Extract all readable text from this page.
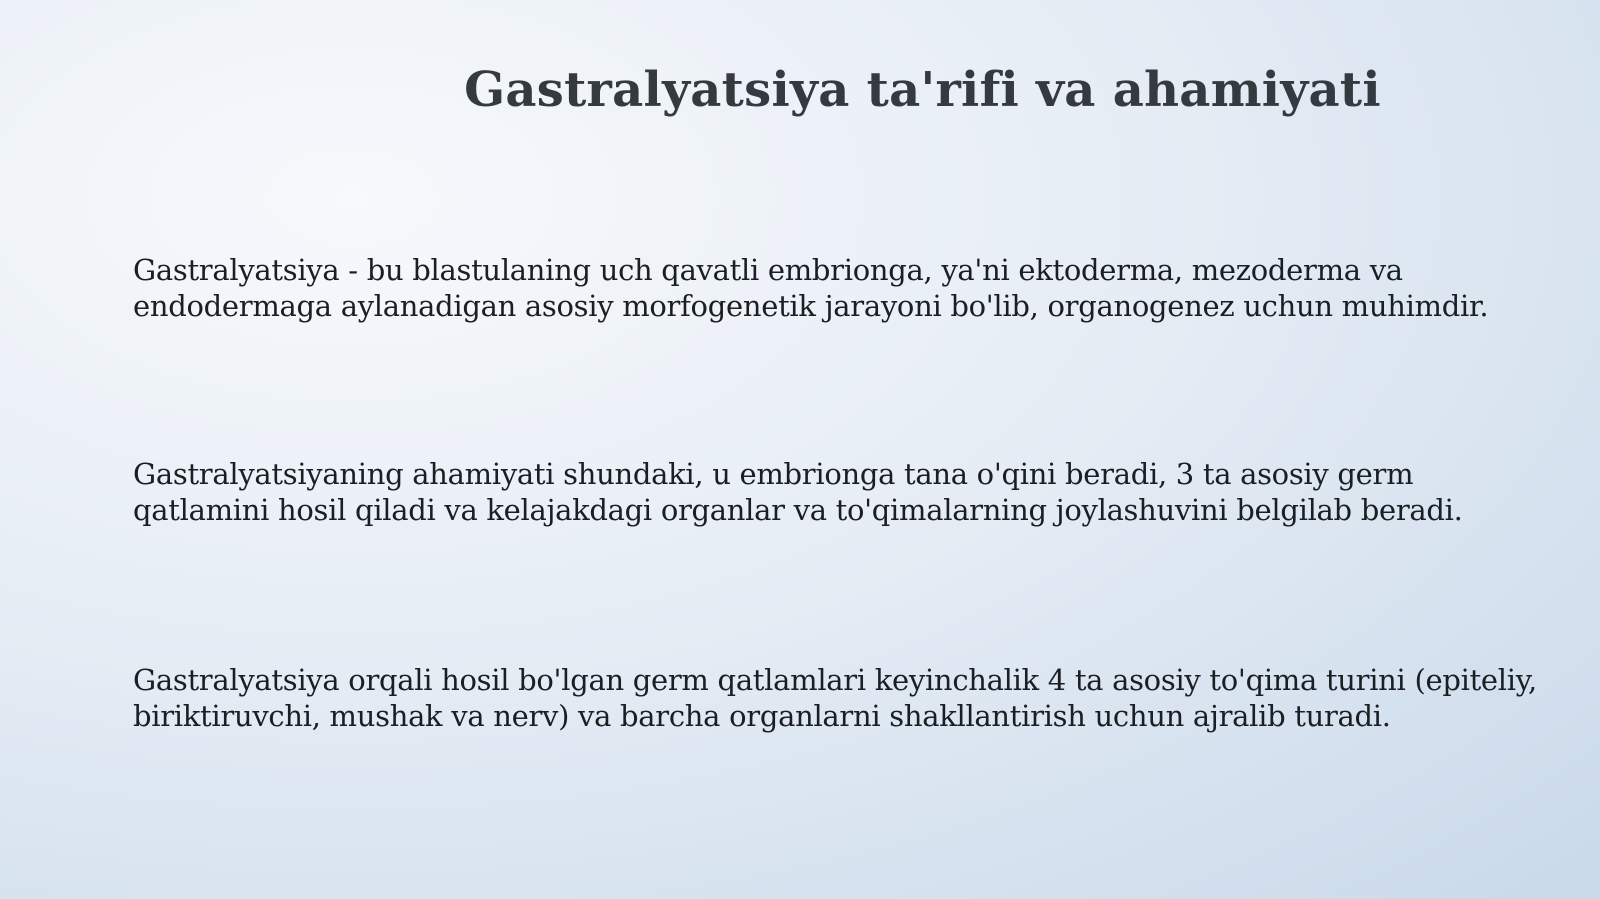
Gastralyatsiya ta'rifi va ahamiyati

Gastralyatsiya - bu blastulaning uch qavatli embrionga, ya'ni ektoderma, mezoderma va
endodermaga aylanadigan asosiy morfogenetik jarayoni bo'lib, organogenez uchun muhimdir.

Gastralyatsiyaning ahamiyati shundaki, u embrionga tana o'qini beradi, 3 ta asosiy germ
qatlamini hosil qiladi va kelajakdagi organlar va to'qimalarning joylashuvini belgilab beradi.

Gastralyatsiya orqali hosil bo'lgan germ qatlamlari keyinchalik 4 ta asosiy to'qima turini (epiteliy,
biriktiruvchi, mushak va nerv) va barcha organlarni shakllantirish uchun ajralib turadi.
